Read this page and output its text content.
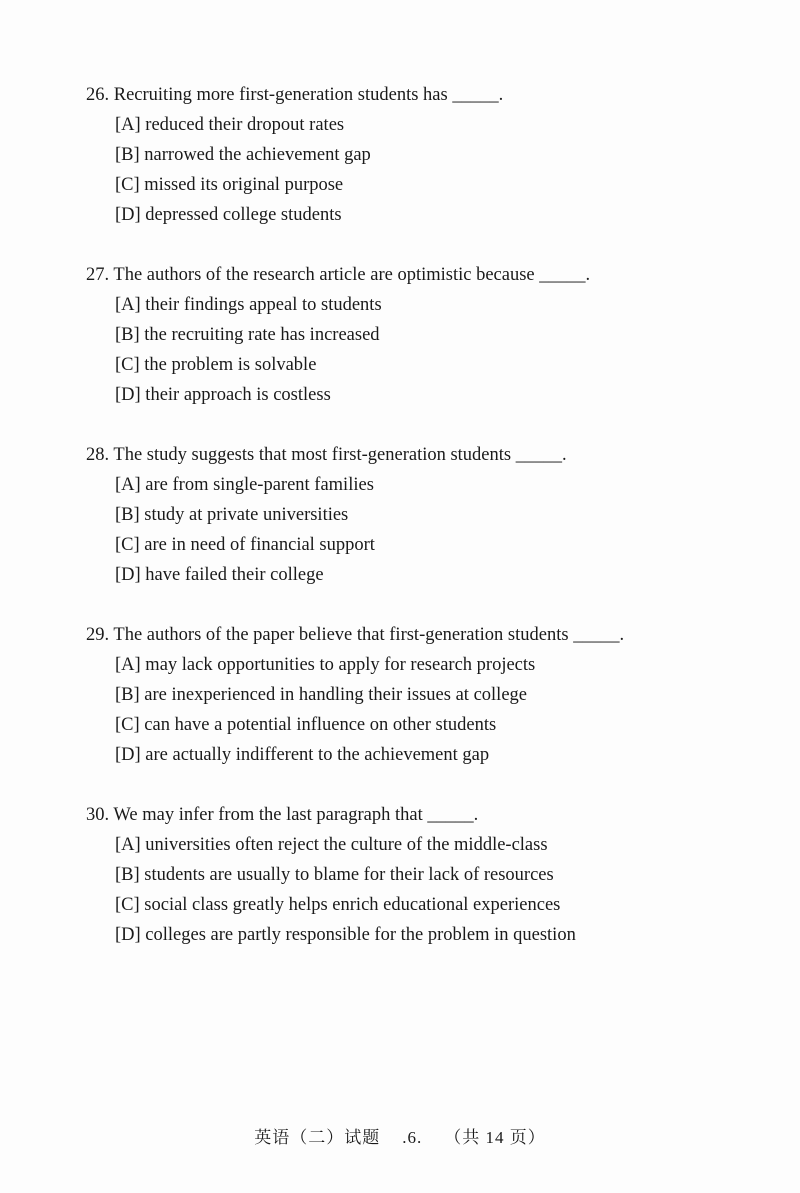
26. Recruiting more first-generation students has _____.
[A] reduced their dropout rates
[B] narrowed the achievement gap
[C] missed its original purpose
[D] depressed college students
27. The authors of the research article are optimistic because _____.
[A] their findings appeal to students
[B] the recruiting rate has increased
[C] the problem is solvable
[D] their approach is costless
28. The study suggests that most first-generation students _____.
[A] are from single-parent families
[B] study at private universities
[C] are in need of financial support
[D] have failed their college
29. The authors of the paper believe that first-generation students _____.
[A] may lack opportunities to apply for research projects
[B] are inexperienced in handling their issues at college
[C] can have a potential influence on other students
[D] are actually indifferent to the achievement gap
30. We may infer from the last paragraph that _____.
[A] universities often reject the culture of the middle-class
[B] students are usually to blame for their lack of resources
[C] social class greatly helps enrich educational experiences
[D] colleges are partly responsible for the problem in question
英语（二）试题 .6. （共 14 页）
